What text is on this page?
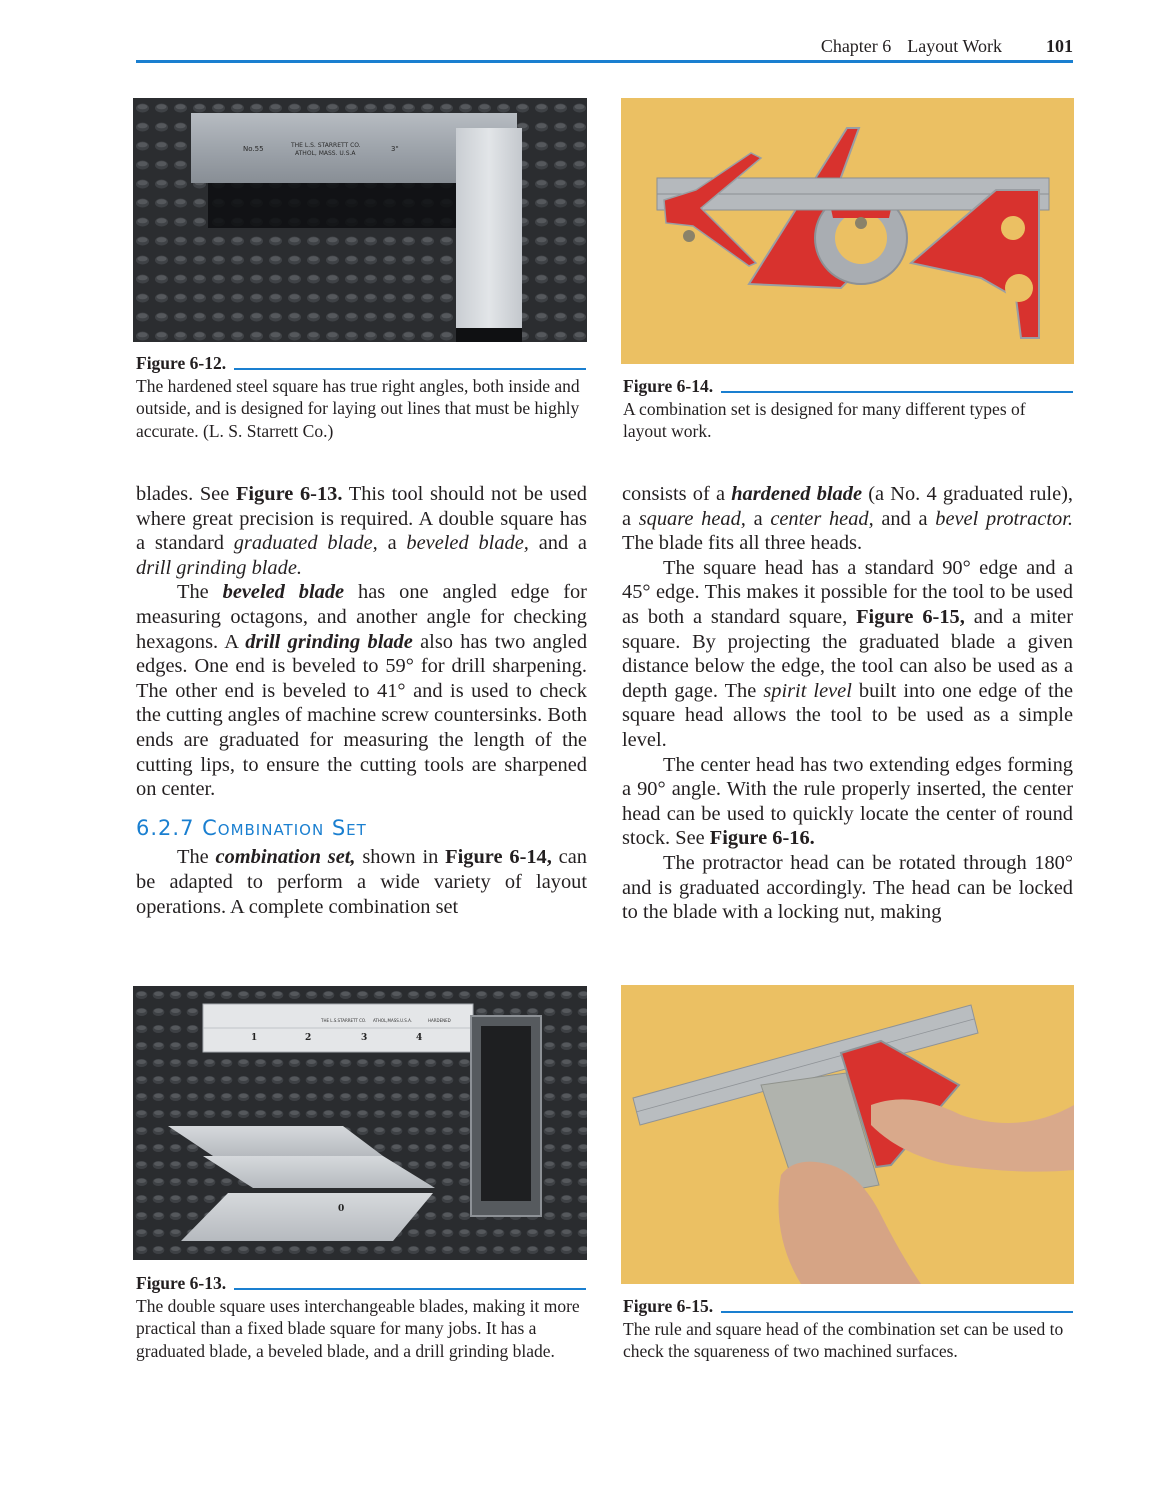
Chapter 6 Layout Work 101
No.55	THE L.S. STARRETT CO.
ATHOL, MASS. U.S.A
3"
Figure 6-12.
The hardened steel square has true right angles, both inside and outside, and is designed for laying out lines that must be highly accurate. (L. S. Starrett Co.)
Figure 6-14.
A combination set is designed for many different types of layout work.

blades. See Figure 6-13. This tool should not be used where great precision is required. A double square has a standard graduated blade, a beveled blade, and a drill grinding blade.

The beveled blade has one angled edge for measuring octagons, and another angle for checking hexagons. A drill grinding blade also has two angled edges. One end is beveled to 59° for drill sharpening. The other end is beveled to 41° and is used to check the cutting angles of machine screw countersinks. Both ends are graduated for measuring the length of the cutting lips, to ensure the cutting tools are sharpened on center.

6.2.7 Combination Set

The combination set, shown in Figure 6-14, can be adapted to perform a wide variety of layout operations. A complete combination set

consists of a hardened blade (a No. 4 graduated rule), a square head, a center head, and a bevel protractor. The blade fits all three heads.

The square head has a standard 90° edge and a 45° edge. This makes it possible for the tool to be used as both a standard square, Figure 6-15, and a miter square. By projecting the graduated blade a given distance below the edge, the tool can also be used as a depth gage. The spirit level built into one edge of the square head allows the tool to be used as a simple level.

The center head has two extending edges forming a 90° angle. With the rule properly inserted, the center head can be used to quickly locate the center of round stock. See Figure 6-16.

The protractor head can be rotated through 180° and is graduated accordingly. The head can be locked to the blade with a locking nut, making

1	2	3	4
THE L.S.STARRETT CO. ATHOL,MASS.U.S.A.	HARDENED
0
Figure 6-13.
The double square uses interchangeable blades, making it more practical than a fixed blade square for many jobs. It has a graduated blade, a beveled blade, and a drill grinding blade.
Figure 6-15.
The rule and square head of the combination set can be used to check the squareness of two machined surfaces.
